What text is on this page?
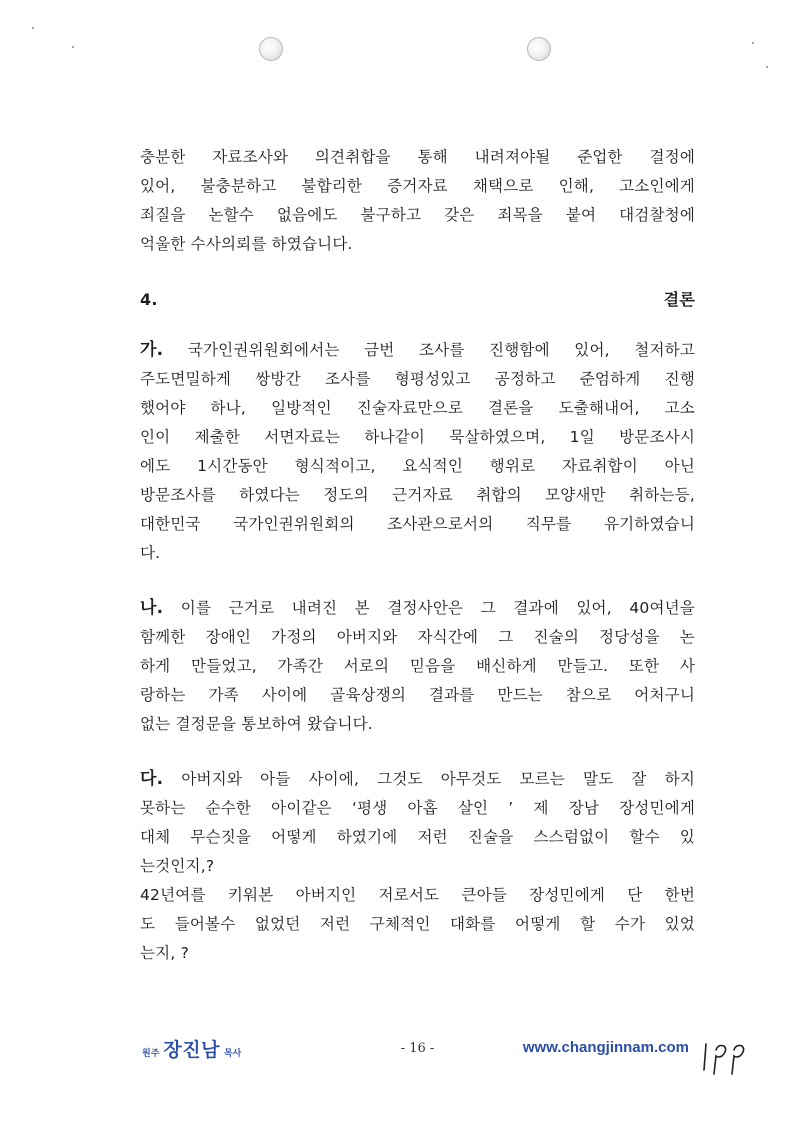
충분한 자료조사와 의견취합을 통해 내려져야될 준업한 결정에

있어, 불충분하고 불합리한 증거자료 채택으로 인해, 고소인에게

죄질을 논할수 없음에도 불구하고 갖은 죄목을 붙여 대검찰청에

억울한 수사의뢰를 하였습니다.

4. 결론

가. 국가인권위원회에서는 금번 조사를 진행함에 있어, 철저하고

주도면밀하게 쌍방간 조사를 형평성있고 공정하고 준엄하게 진행

했어야 하나, 일방적인 진술자료만으로 결론을 도출해내어, 고소

인이 제출한 서면자료는 하나같이 묵살하였으며, 1일 방문조사시

에도 1시간동안 형식적이고, 요식적인 행위로 자료취합이 아닌

방문조사를 하였다는 정도의 근거자료 취합의 모양새만 취하는등,

대한민국 국가인권위원회의 조사관으로서의 직무를 유기하였습니

다.

나. 이를 근거로 내려진 본 결정사안은 그 결과에 있어, 40여년을

함께한 장애인 가정의 아버지와 자식간에 그 진술의 정당성을 논

하게 만들었고, 가족간 서로의 믿음을 배신하게 만들고. 또한 사

랑하는 가족 사이에 골육상쟁의 결과를 만드는 참으로 어처구니

없는 결정문을 통보하여 왔습니다.

다. 아버지와 아들 사이에, 그것도 아무것도 모르는 말도 잘 하지

못하는 순수한 아이같은 ‘평생 아홉 살인 ’ 제 장남 장성민에게

대체 무슨짓을 어떻게 하였기에 저런 진술을 스스럼없이 할수 있

는것인지,?

42년여를 키워본 아버지인 저로서도 큰아들 장성민에게 단 한번

도 들어볼수 없었던 저런 구체적인 대화를 어떻게 할 수가 있었

는지, ?

원주 장진남 목사	- 16 -	www.changjinnam.com
